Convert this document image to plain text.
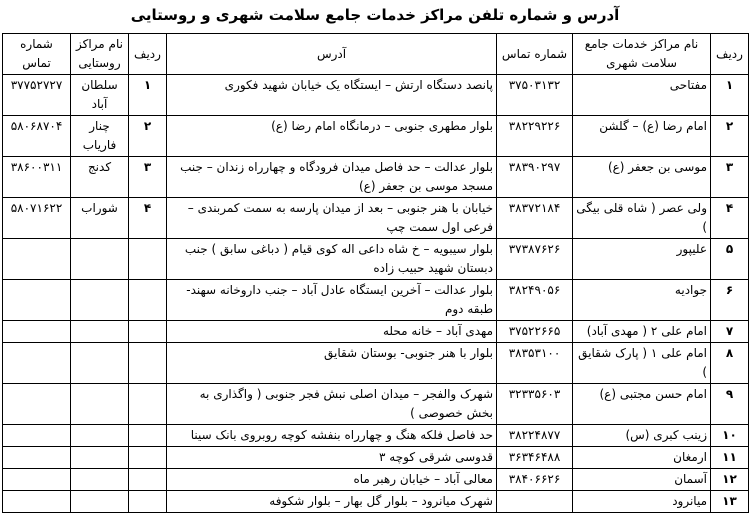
آدرس و شماره تلفن مراکز خدمات جامع سلامت شهری و روستایی
ردیف	نام مراکز خدمات جامع سلامت شهری	شماره تماس	آدرس	ردیف	نام مراکز روستایی	شماره تماس
۱	مفتاحی	۳۷۵۰۳۱۳۲	پانصد دستگاه ارتش – ایستگاه یک خیابان شهید فکوری	۱	سلطان آباد	۳۷۷۵۲۷۲۷
۲	امام رضا (ع) – گلشن	۳۸۲۲۹۲۲۶	بلوار مطهری جنوبی – درمانگاه امام رضا (ع)	۲	چنار فاریاب	۵۸۰۶۸۷۰۴
۳	موسی بن جعفر (ع)	۳۸۳۹۰۲۹۷	بلوار عدالت – حد فاصل میدان فرودگاه و چهارراه زندان – جنب مسجد موسی بن جعفر (ع)	۳	کدنج	۳۸۶۰۰۳۱۱
۴	ولی عصر ( شاه قلی بیگی )	۳۸۳۷۲۱۸۴	خیابان با هنر جنوبی – بعد از میدان پارسه به سمت کمربندی – فرعی اول سمت چپ	۴	شوراب	۵۸۰۷۱۶۲۲
۵	علیپور	۳۷۳۸۷۶۲۶	بلوار سیبویه – خ شاه داعی اله کوی قیام ( دباغی سابق ) جنب دبستان شهید حبیب زاده			
۶	جوادیه	۳۸۲۴۹۰۵۶	بلوار عدالت – آخرین ایستگاه عادل آباد – جنب داروخانه سهند- طبقه دوم			
۷	امام علی ۲ ( مهدی آباد)	۳۷۵۲۲۶۶۵	مهدی آباد – خانه محله			
۸	امام علی ۱ ( پارک شقایق )	۳۸۳۵۳۱۰۰	بلوار با هنر جنوبی- بوستان شقایق			
۹	امام حسن مجتبی (ع)	۳۲۳۳۵۶۰۳	شهرک والفجر – میدان اصلی نبش فجر جنوبی ( واگذاری به بخش خصوصی )			
۱۰	زینب کبری (س)	۳۸۲۲۴۸۷۷	حد فاصل فلکه هنگ و چهارراه بنفشه کوچه روبروی بانک سینا			
۱۱	ارمغان	۳۶۳۴۶۴۸۸	قدوسی شرقی کوچه ۳			
۱۲	آسمان	۳۸۴۰۶۶۲۶	معالی آباد – خیابان رهبر ماه			
۱۳	میانرود		شهرک میانرود – بلوار گل بهار – بلوار شکوفه			
